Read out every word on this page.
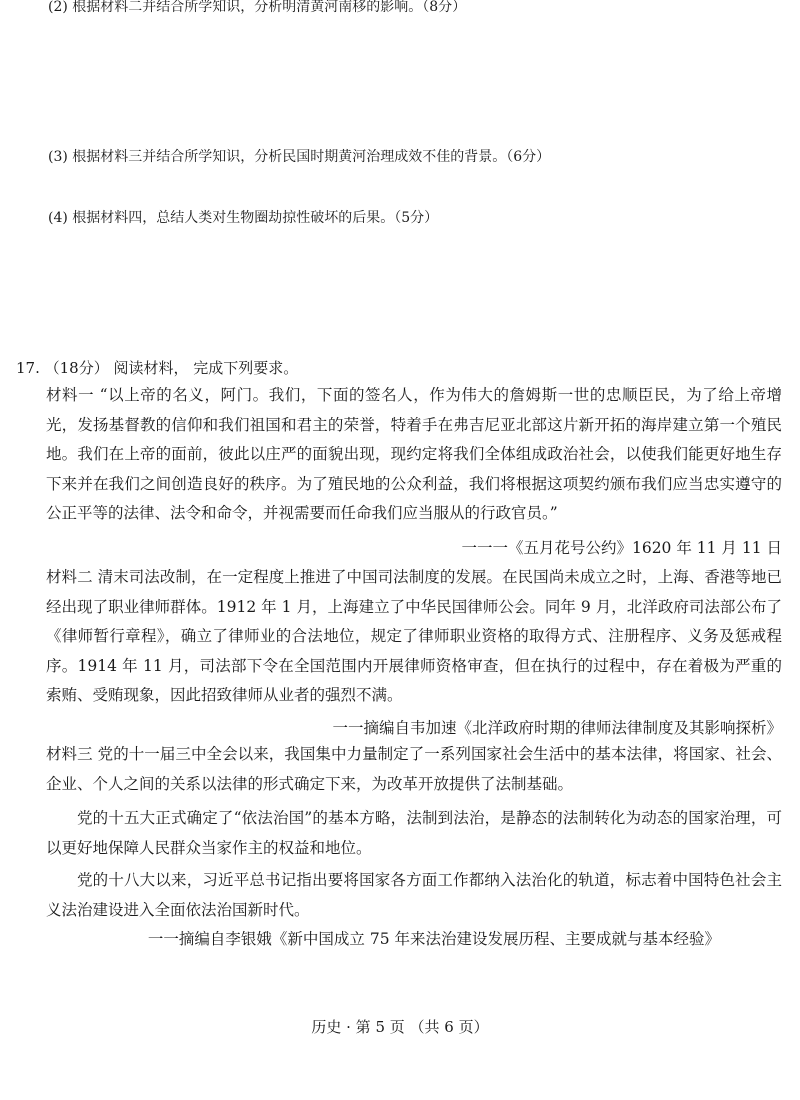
(2) 根据材料二并结合所学知识，分析明清黄河南移的影响。（8分）
(3) 根据材料三并结合所学知识，分析民国时期黄河治理成效不佳的背景。（6分）
(4) 根据材料四，总结人类对生物圈劫掠性破坏的后果。（5分）
17. （18分） 阅读材料， 完成下列要求。

材料一 “以上帝的名义，阿门。我们，下面的签名人，作为伟大的詹姆斯一世的忠顺臣民，为了给上帝增光，发扬基督教的信仰和我们祖国和君主的荣誉，特着手在弗吉尼亚北部这片新开拓的海岸建立第一个殖民地。我们在上帝的面前，彼此以庄严的面貌出现，现约定将我们全体组成政治社会，以使我们能更好地生存下来并在我们之间创造良好的秩序。为了殖民地的公众利益，我们将根据这项契约颁布我们应当忠实遵守的公正平等的法律、法令和命令，并视需要而任命我们应当服从的行政官员。”

一一一《五月花号公约》1620 年 11 月 11 日

材料二 清末司法改制，在一定程度上推进了中国司法制度的发展。在民国尚未成立之时，上海、香港等地已经出现了职业律师群体。1912 年 1 月，上海建立了中华民国律师公会。同年 9 月，北洋政府司法部公布了《律师暂行章程》，确立了律师业的合法地位，规定了律师职业资格的取得方式、注册程序、义务及惩戒程序。1914 年 11 月，司法部下令在全国范围内开展律师资格审查，但在执行的过程中，存在着极为严重的索贿、受贿现象，因此招致律师从业者的强烈不满。

一一摘编自韦加速《北洋政府时期的律师法律制度及其影响探析》

材料三 党的十一届三中全会以来，我国集中力量制定了一系列国家社会生活中的基本法律，将国家、社会、企业、个人之间的关系以法律的形式确定下来，为改革开放提供了法制基础。

党的十五大正式确定了“依法治国”的基本方略，法制到法治，是静态的法制转化为动态的国家治理，可以更好地保障人民群众当家作主的权益和地位。

党的十八大以来，习近平总书记指出要将国家各方面工作都纳入法治化的轨道，标志着中国特色社会主义法治建设进入全面依法治国新时代。

一一摘编自李银娥《新中国成立 75 年来法治建设发展历程、主要成就与基本经验》
历史 · 第 5 页 （共 6 页）
